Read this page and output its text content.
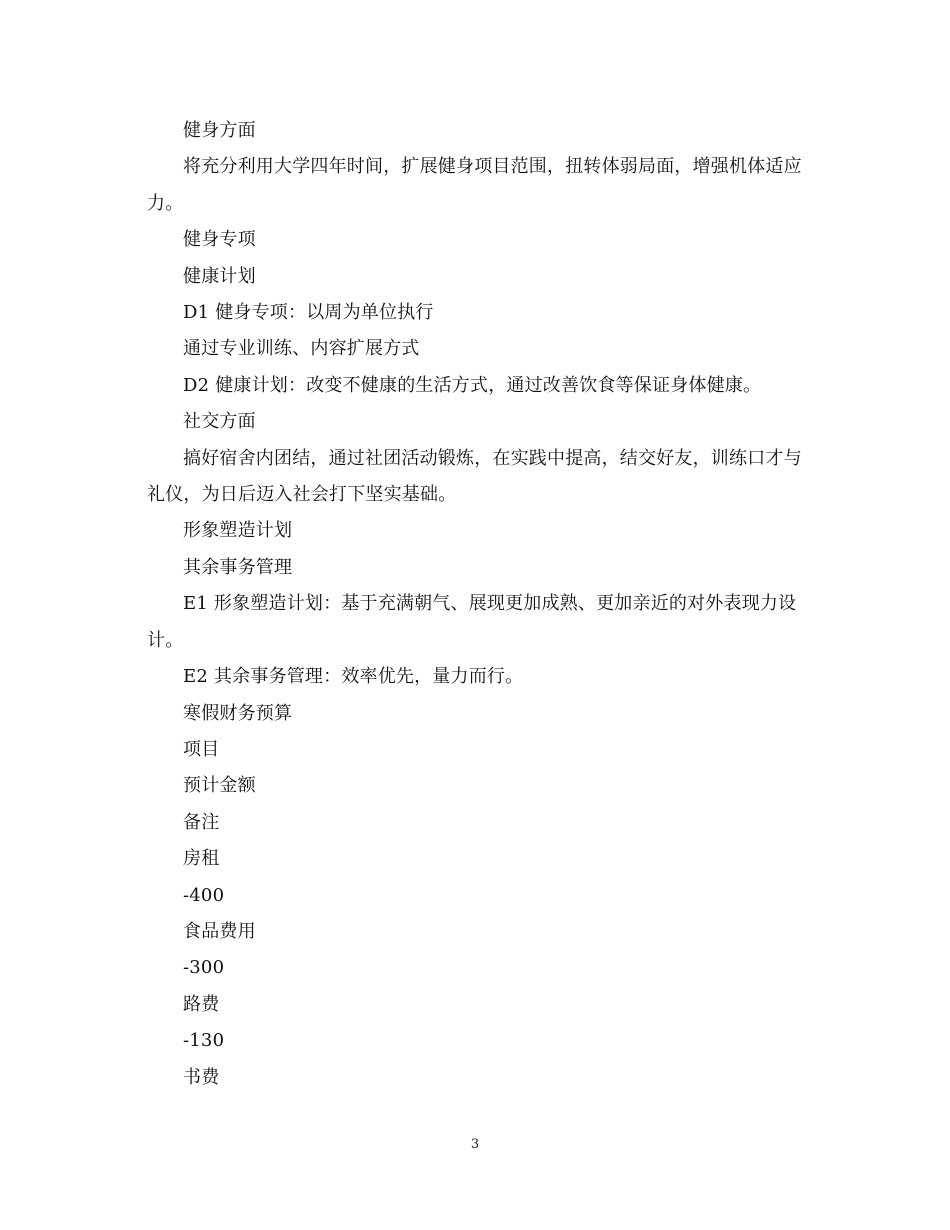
健身方面

将充分利用大学四年时间，扩展健身项目范围，扭转体弱局面，增强机体适应力。

健身专项

健康计划

D1 健身专项：以周为单位执行

通过专业训练、内容扩展方式

D2 健康计划：改变不健康的生活方式，通过改善饮食等保证身体健康。

社交方面

搞好宿舍内团结，通过社团活动锻炼，在实践中提高，结交好友，训练口才与礼仪，为日后迈入社会打下坚实基础。

形象塑造计划

其余事务管理

E1 形象塑造计划：基于充满朝气、展现更加成熟、更加亲近的对外表现力设计。

E2 其余事务管理：效率优先，量力而行。

寒假财务预算

项目

预计金额

备注

房租

-400

食品费用

-300

路费

-130

书费

3
